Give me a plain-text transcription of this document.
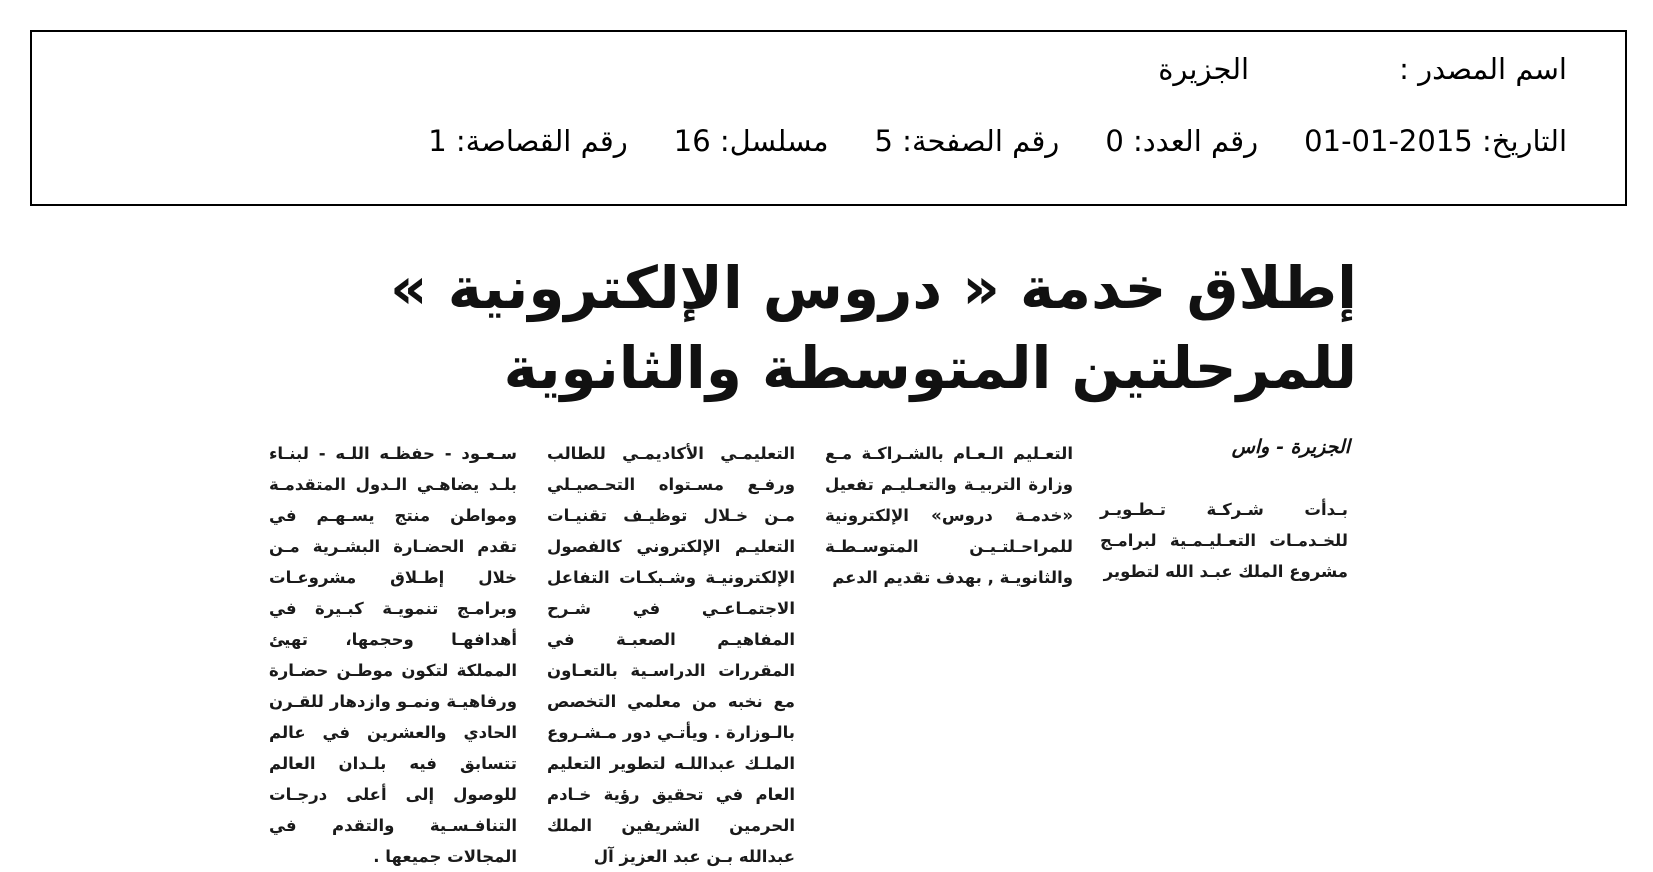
اسم المصدر :الجزيرة
التاريخ: 2015-01-01رقم العدد: 0رقم الصفحة: 5مسلسل: 16رقم القصاصة: 1
إطلاق خدمة « دروس الإلكترونية » للمرحلتين المتوسطة والثانوية
الجزيرة - واس
بـدأت شـركـة تـطـويـر للخـدمـات التعـليـمـية لبرامـج مشروع الملك عبـد الله لتطوير
التعـليم الـعـام بالشـراكـة مـع وزارة التربيـة والتعـليـم تفعيل «خدمـة دروس» الإلكترونية للمراحـلتـيـن المتوسـطـة والثانويـة , بهدف تقديم الدعم
التعليمـي الأكاديمـي للطالب ورفـع مسـتواه التحـصيـلي مـن خـلال توظيـف تقنيـات التعليـم الإلكتروني كالفصول الإلكترونيـة وشـبكـات التفاعل الاجتمـاعـي في شـرح المفاهيـم الصعبـة في المقررات الدراسـية بالتعـاون مع نخبه من معلمي التخصص بالـوزارة . ويأتـي دور مـشـروع الملـك عبداللـه لتطوير التعليم العام في تحقيق رؤية خـادم الحرمين الشريفين الملك عبدالله بـن عبد العزيز آل
سـعـود - حفظـه اللـه - لبنـاء بلـد يضاهـي الـدول المتقدمـة ومواطن منتج يسـهـم في تقدم الحضـارة البشـرية مـن خلال إطـلاق مشروعـات وبرامـج تنمويـة كبـيرة في أهدافهـا وحجمها، تهيئ المملكة لتكون موطـن حضـارة ورفاهيـة ونمـو وازدهار للقـرن الحادي والعشرين في عالم تتسابق فيه بلـدان العالم للوصول إلى أعلى درجـات التنافـسـية والتقدم في المجالات جميعها .
